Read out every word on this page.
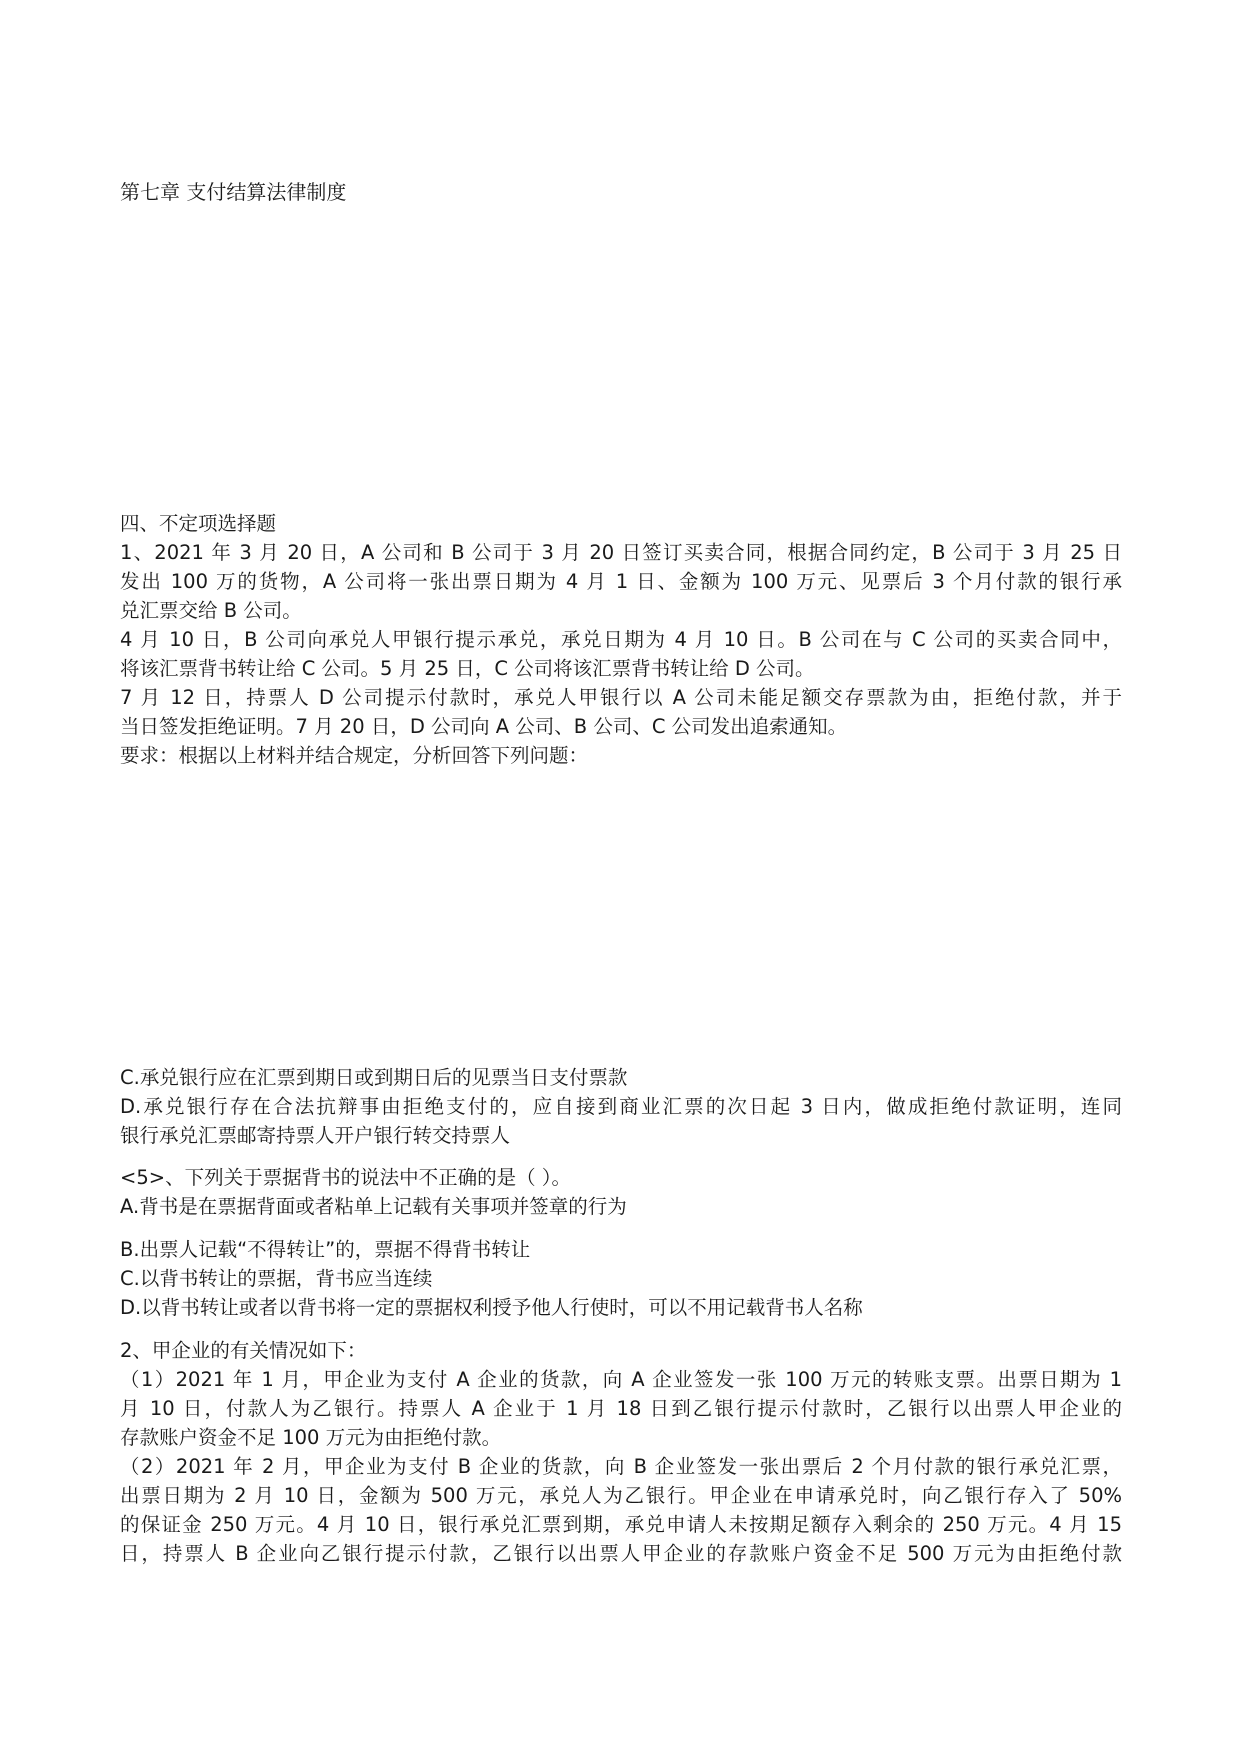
第七章 支付结算法律制度

四、不定项选择题

1、2021 年 3 月 20 日，A 公司和 B 公司于 3 月 20 日签订买卖合同，根据合同约定，B 公司于 3 月 25 日

发出 100 万的货物，A 公司将一张出票日期为 4 月 1 日、金额为 100 万元、见票后 3 个月付款的银行承

兑汇票交给 B 公司。

4 月 10 日，B 公司向承兑人甲银行提示承兑，承兑日期为 4 月 10 日。B 公司在与 C 公司的买卖合同中，

将该汇票背书转让给 C 公司。5 月 25 日，C 公司将该汇票背书转让给 D 公司。

7 月 12 日，持票人 D 公司提示付款时，承兑人甲银行以 A 公司未能足额交存票款为由，拒绝付款，并于

当日签发拒绝证明。7 月 20 日，D 公司向 A 公司、B 公司、C 公司发出追索通知。

要求：根据以上材料并结合规定，分析回答下列问题：

C.承兑银行应在汇票到期日或到期日后的见票当日支付票款

D.承兑银行存在合法抗辩事由拒绝支付的，应自接到商业汇票的次日起 3 日内，做成拒绝付款证明，连同

银行承兑汇票邮寄持票人开户银行转交持票人

<5>、下列关于票据背书的说法中不正确的是（ ）。

A.背书是在票据背面或者粘单上记载有关事项并签章的行为

B.出票人记载“不得转让”的，票据不得背书转让

C.以背书转让的票据，背书应当连续

D.以背书转让或者以背书将一定的票据权利授予他人行使时，可以不用记载背书人名称

2、甲企业的有关情况如下：

（1）2021 年 1 月，甲企业为支付 A 企业的货款，向 A 企业签发一张 100 万元的转账支票。出票日期为 1

月 10 日，付款人为乙银行。持票人 A 企业于 1 月 18 日到乙银行提示付款时，乙银行以出票人甲企业的

存款账户资金不足 100 万元为由拒绝付款。

（2）2021 年 2 月，甲企业为支付 B 企业的货款，向 B 企业签发一张出票后 2 个月付款的银行承兑汇票，

出票日期为 2 月 10 日，金额为 500 万元，承兑人为乙银行。甲企业在申请承兑时，向乙银行存入了 50%

的保证金 250 万元。4 月 10 日，银行承兑汇票到期，承兑申请人未按期足额存入剩余的 250 万元。4 月 15

日，持票人 B 企业向乙银行提示付款，乙银行以出票人甲企业的存款账户资金不足 500 万元为由拒绝付款
